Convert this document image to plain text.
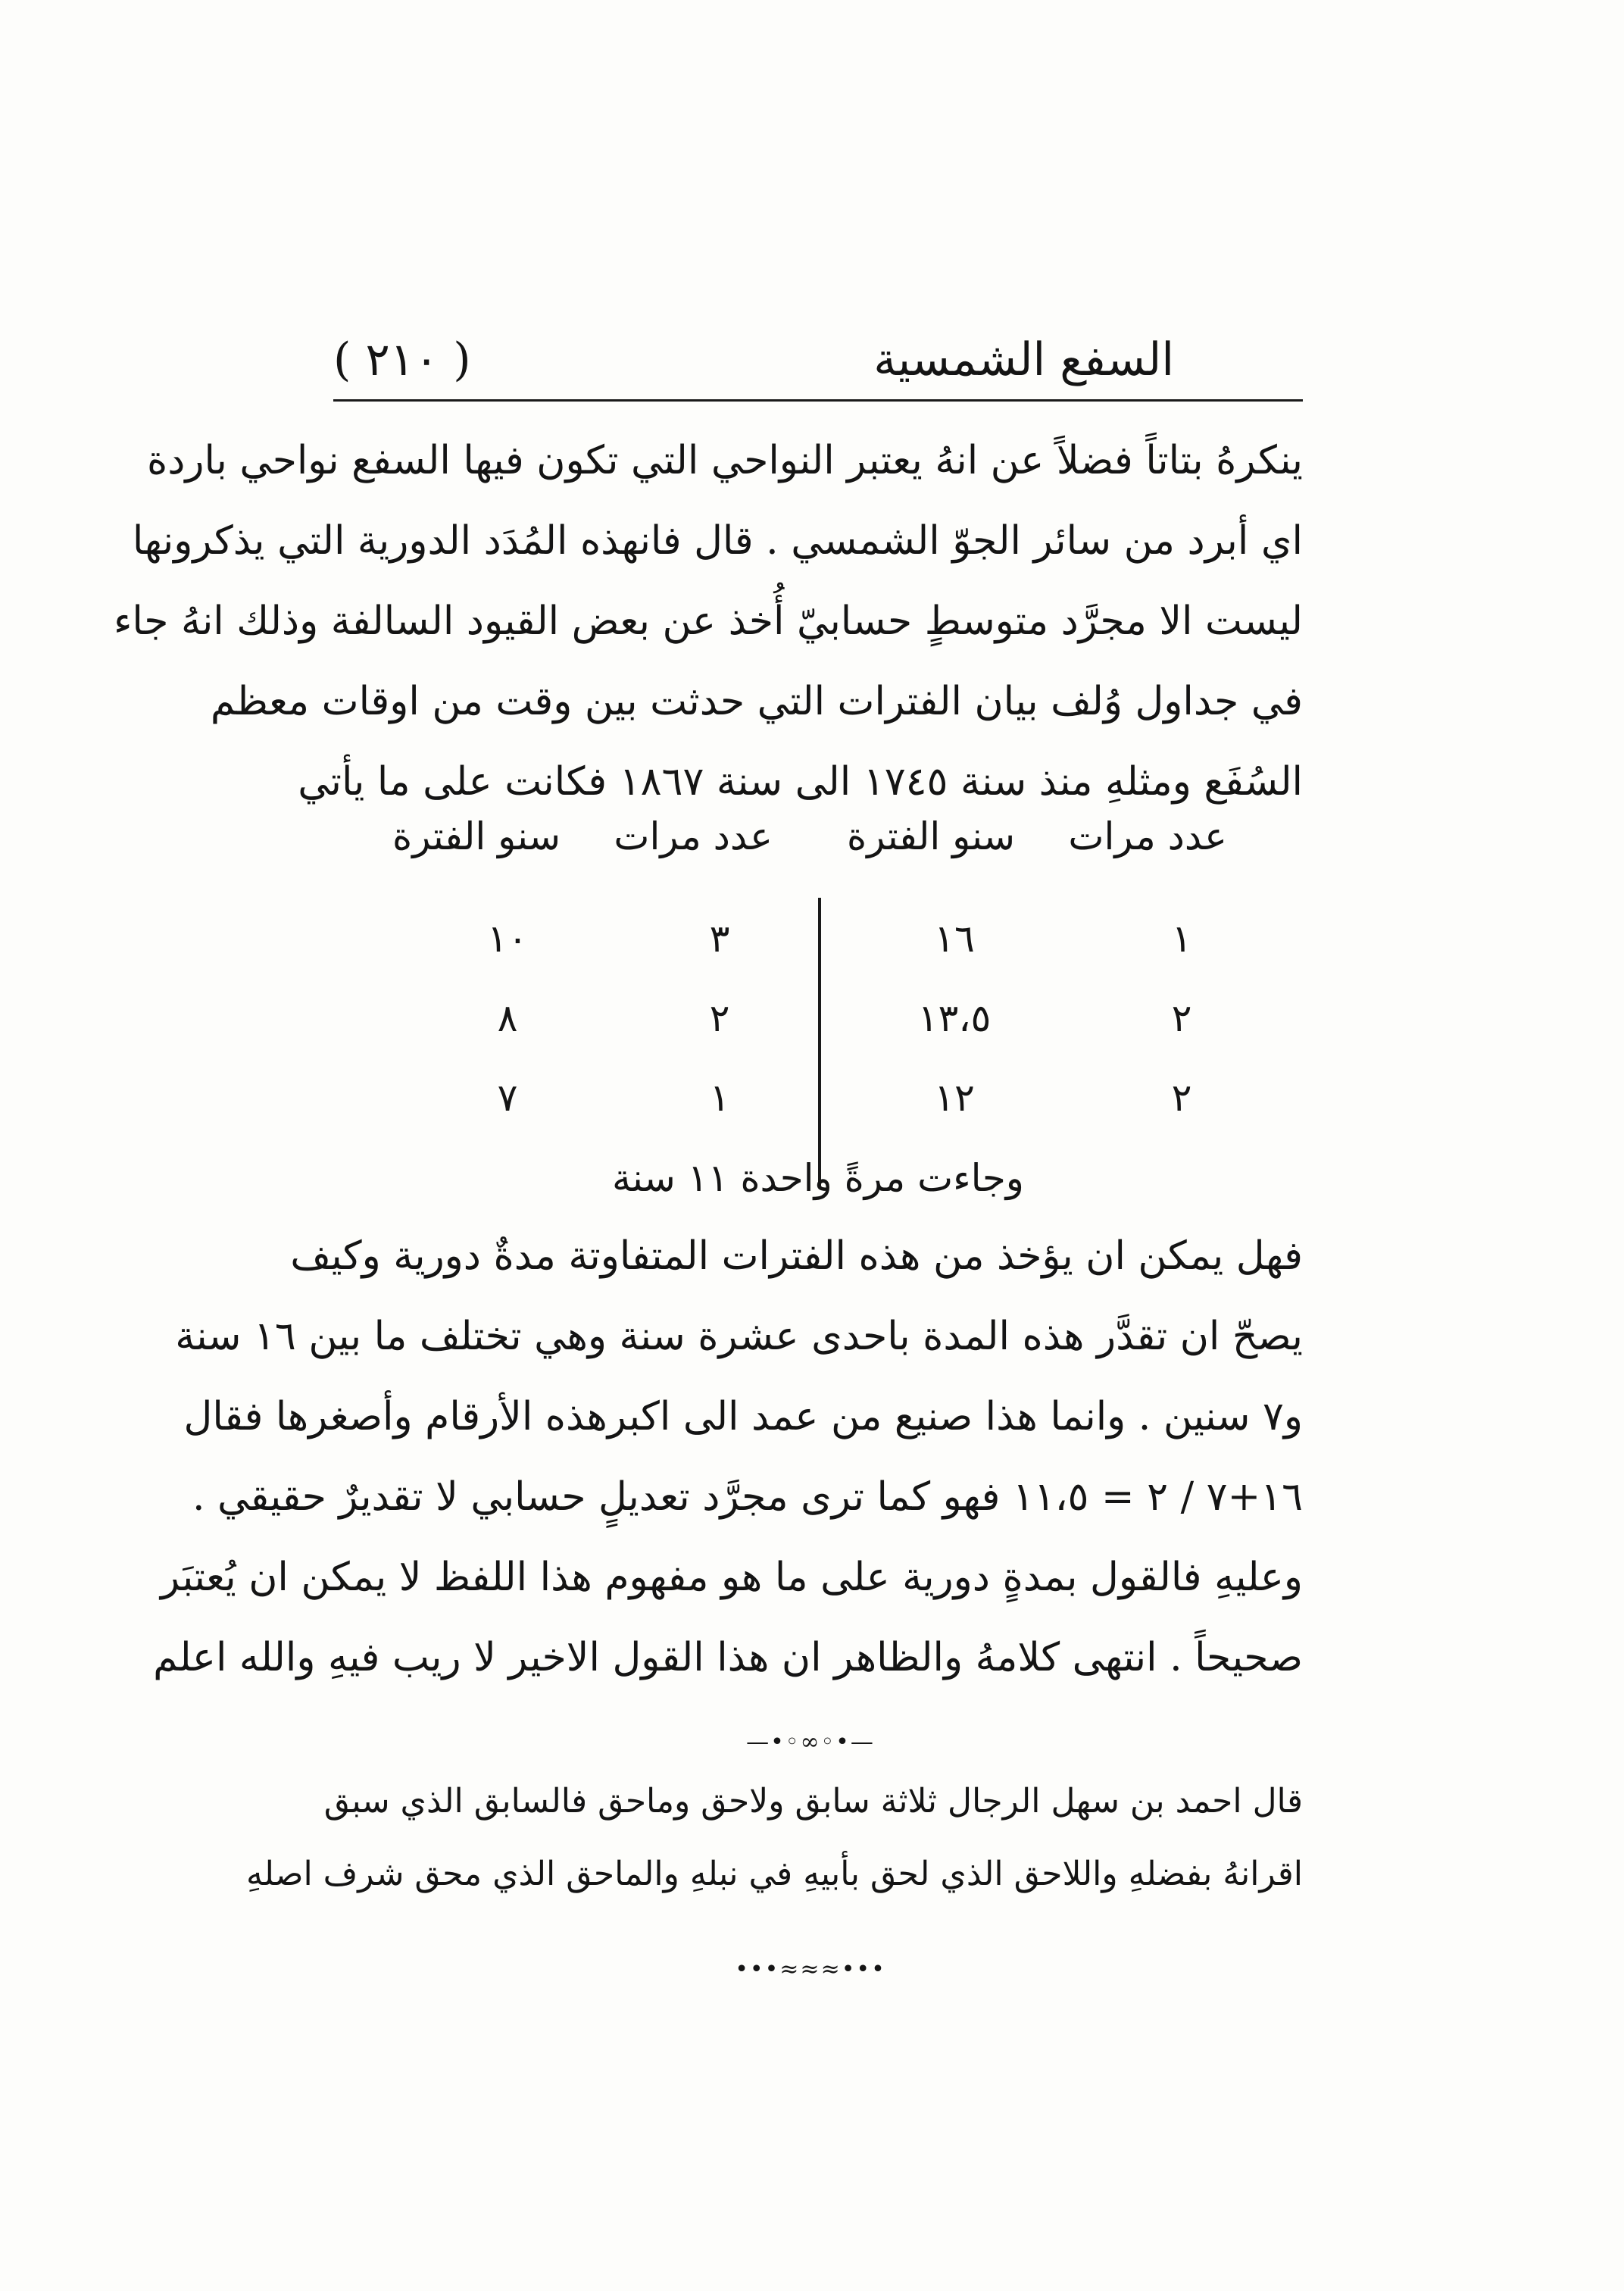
السفع الشمسية
( ٢١٠ )
ينكرهُ بتاتاً فضلاً عن انهُ يعتبر النواحي التي تكون فيها السفع نواحي باردة
اي أبرد من سائر الجوّ الشمسي . قال فانهذه المُدَد الدورية التي يذكرونها
ليست الا مجرَّد متوسطٍ حسابيّ أُخذ عن بعض القيود السالفة وذلك انهُ جاء
في جداول وُلف بيان الفترات التي حدثت بين وقت من اوقات معظم
السُفَع ومثلهِ منذ سنة ١٧٤٥ الى سنة ١٨٦٧ فكانت على ما يأتي
عدد مرات
سنو الفترة
عدد مرات
سنو الفترة
١
١٦
٣
١٠
٢
١٣،٥
٢
٨
٢
١٢
١
٧
وجاءت مرةً واحدة ١١ سنة
فهل يمكن ان يؤخذ من هذه الفترات المتفاوتة مدةٌ دورية وكيف
يصحّ ان تقدَّر هذه المدة باحدى عشرة سنة وهي تختلف ما بين ١٦ سنة
و٧ سنين . وانما هذا صنيع من عمد الى اكبرهذه الأرقام وأصغرها فقال
١٦+٧ / ٢ = ١١،٥ فهو كما ترى مجرَّد تعديلٍ حسابي لا تقديرٌ حقيقي .
وعليهِ فالقول بمدةٍ دورية على ما هو مفهوم هذا اللفظ لا يمكن ان يُعتبَر
صحيحاً . انتهى كلامهُ والظاهر ان هذا القول الاخير لا ريب فيهِ والله اعلم
—•◦∞◦•—
قال احمد بن سهل الرجال ثلاثة سابق ولاحق وماحق فالسابق الذي سبق
اقرانهُ بفضلهِ واللاحق الذي لحق بأبيهِ في نبلهِ والماحق الذي محق شرف اصلهِ
•••≈≈≈•••
